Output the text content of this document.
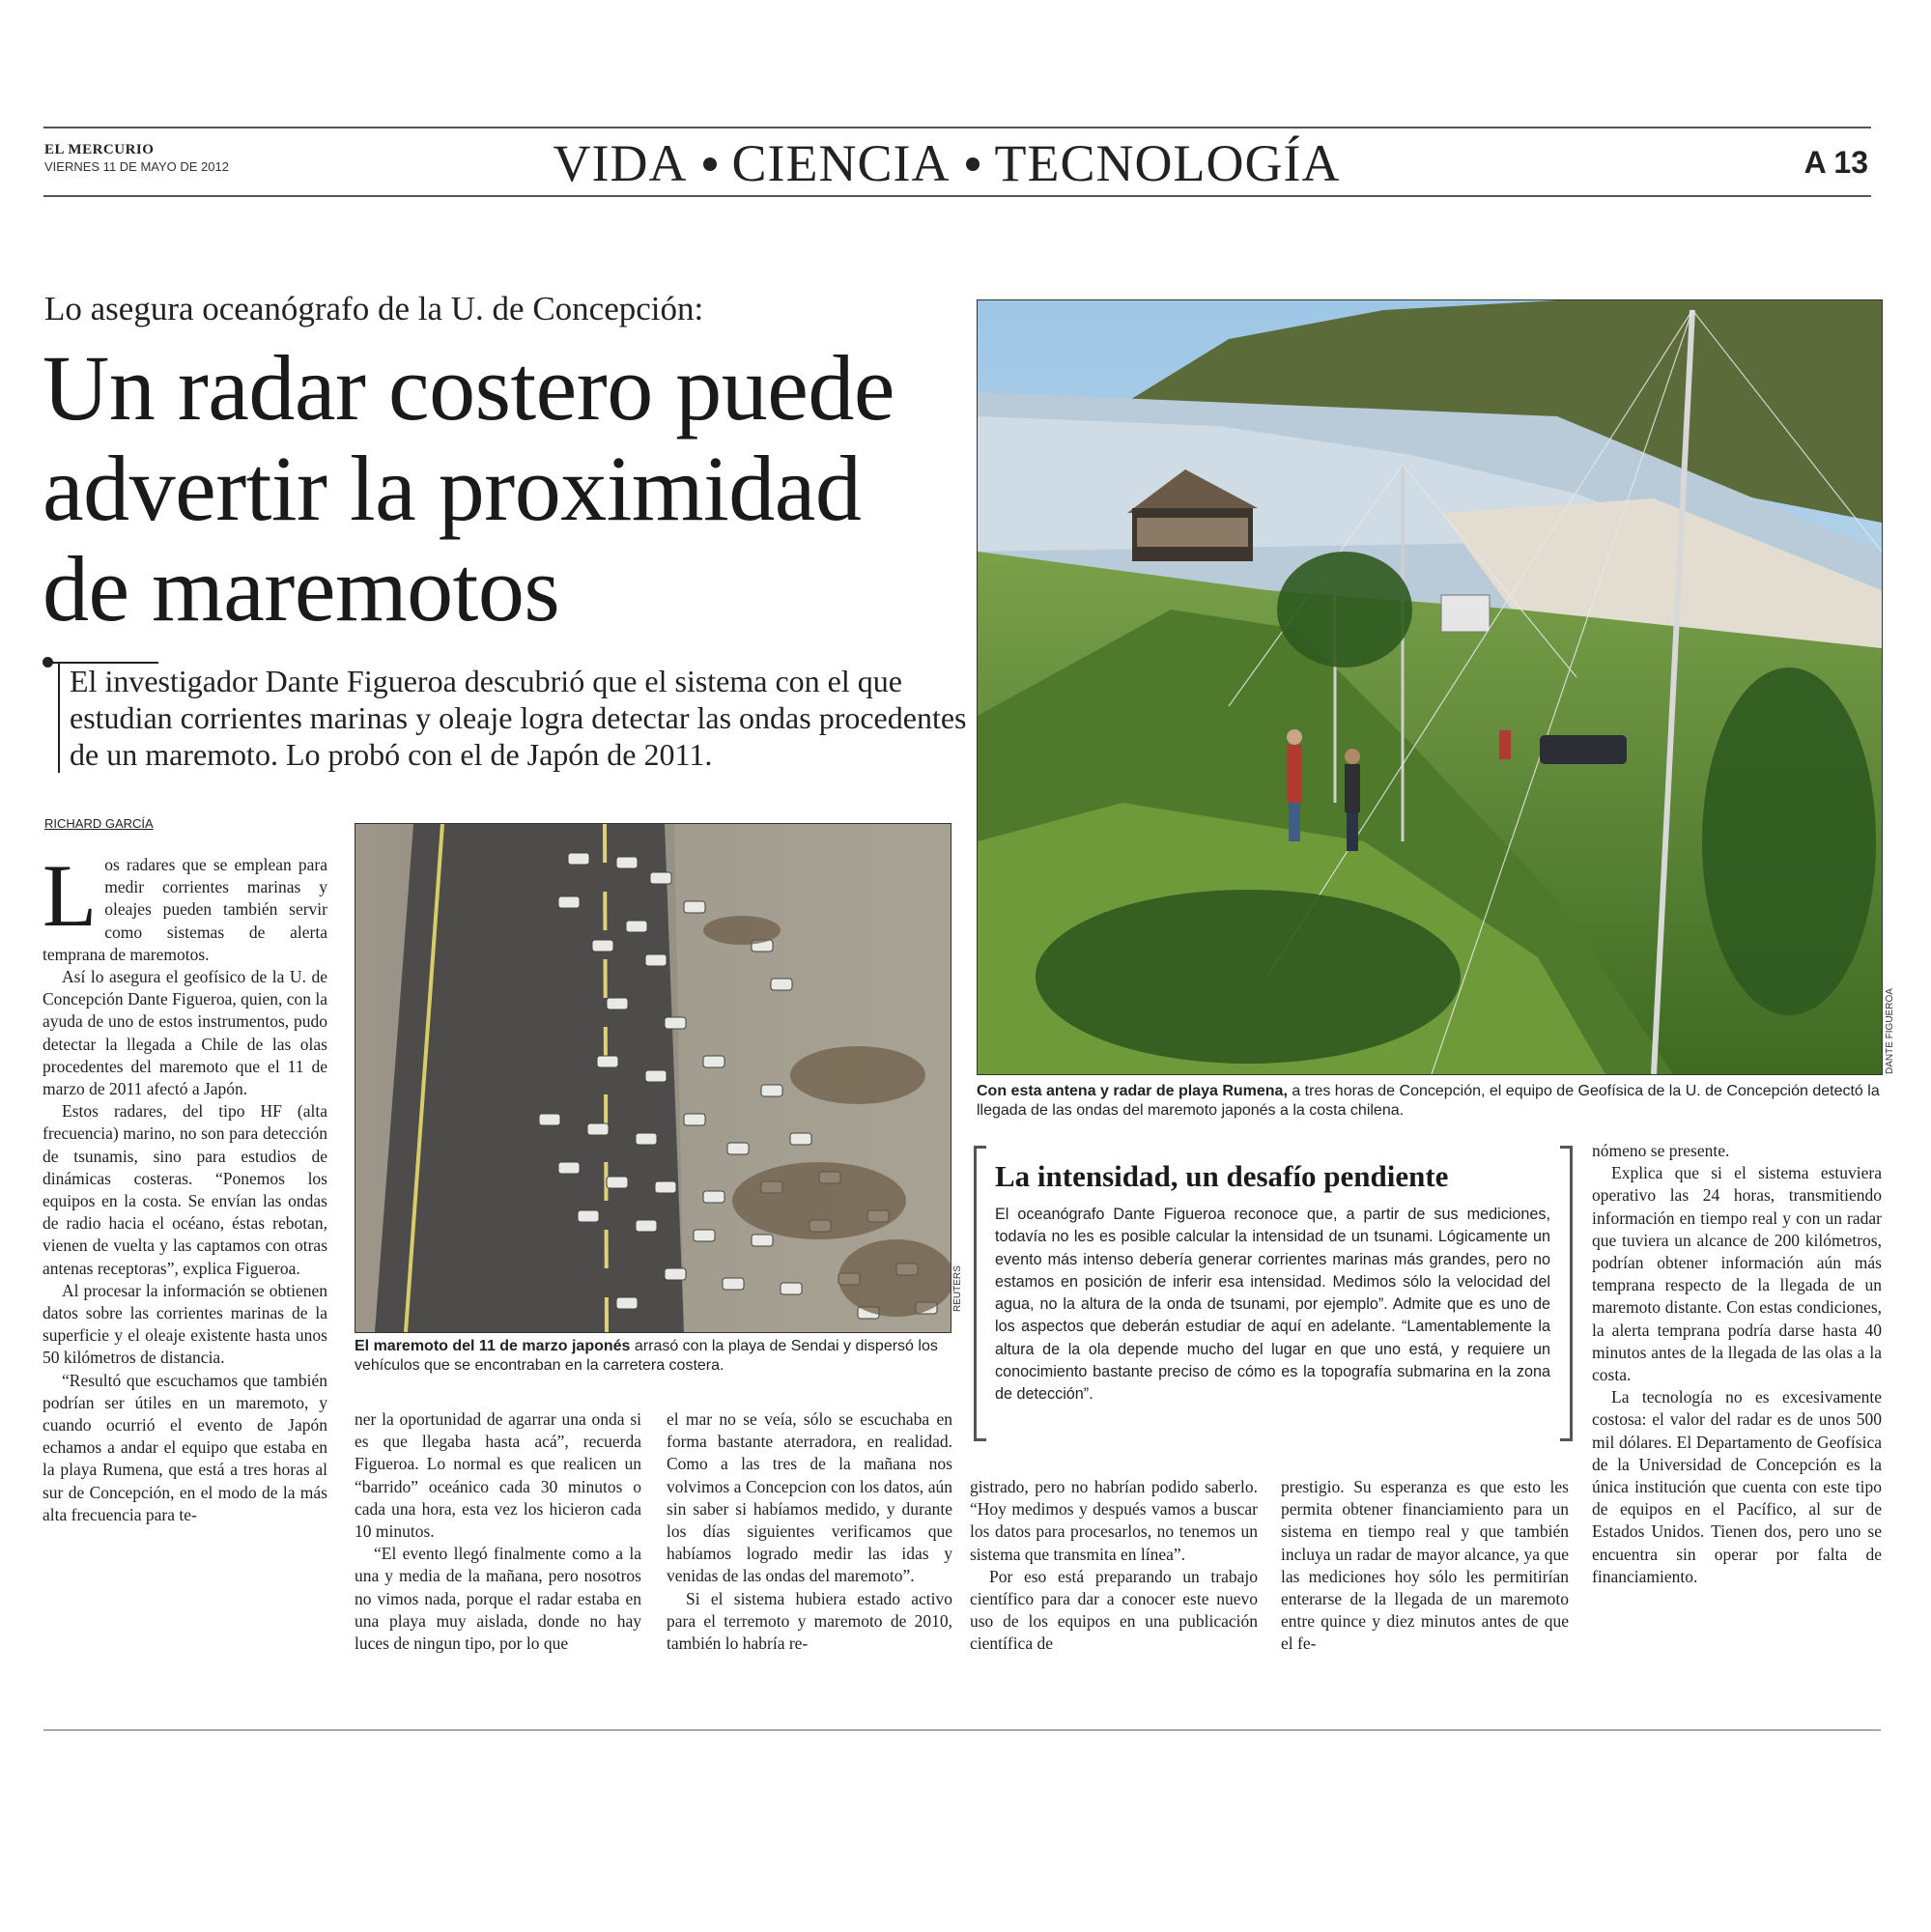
EL MERCURIO
VIERNES 11 DE MAYO DE 2012	VIDA CIENCIA TECNOLOGÍA	A 13
Lo asegura oceanógrafo de la U. de Concepción:
Un radar costero puede advertir la proximidad de maremotos
El investigador Dante Figueroa descubrió que el sistema con el que estudian corrientes marinas y oleaje logra detectar las ondas procedentes de un maremoto. Lo probó con el de Japón de 2011.
RICHARD GARCÍA

Los radares que se emplean para medir corrientes marinas y oleajes pueden también servir como sistemas de alerta temprana de maremotos.

Así lo asegura el geofísico de la U. de Concepción Dante Figueroa, quien, con la ayuda de uno de estos instrumentos, pudo detectar la llegada a Chile de las olas procedentes del maremoto que el 11 de marzo de 2011 afectó a Japón.

Estos radares, del tipo HF (alta frecuencia) marino, no son para detección de tsunamis, sino para estudios de dinámicas costeras. “Ponemos los equipos en la costa. Se envían las ondas de radio hacia el océano, éstas rebotan, vienen de vuelta y las captamos con otras antenas receptoras”, explica Figueroa.

Al procesar la información se obtienen datos sobre las corrientes marinas de la superficie y el oleaje existente hasta unos 50 kilómetros de distancia.

“Resultó que escuchamos que también podrían ser útiles en un maremoto, y cuando ocurrió el evento de Japón echamos a andar el equipo que estaba en la playa Rumena, que está a tres horas al sur de Concepción, en el modo de la más alta frecuencia para te-

REUTERS
El maremoto del 11 de marzo japonés arrasó con la playa de Sendai y dispersó los vehículos que se encontraban en la carretera costera.

ner la oportunidad de agarrar una onda si es que llegaba hasta acá”, recuerda Figueroa. Lo normal es que realicen un “barrido” oceánico cada 30 minutos o cada una hora, esta vez los hicieron cada 10 minutos.

“El evento llegó finalmente como a la una y media de la mañana, pero nosotros no vimos nada, porque el radar estaba en una playa muy aislada, donde no hay luces de ningun tipo, por lo que

el mar no se veía, sólo se escuchaba en forma bastante aterradora, en realidad. Como a las tres de la mañana nos volvimos a Concepcion con los datos, aún sin saber si habíamos medido, y durante los días siguientes verificamos que habíamos logrado medir las idas y venidas de las ondas del maremoto”.

Si el sistema hubiera estado activo para el terremoto y maremoto de 2010, también lo habría re-

DANTE FIGUEROA
Con esta antena y radar de playa Rumena, a tres horas de Concepción, el equipo de Geofísica de la U. de Concepción detectó la llegada de las ondas del maremoto japonés a la costa chilena.
La intensidad, un desafío pendiente
El oceanógrafo Dante Figueroa reconoce que, a partir de sus mediciones, todavía no les es posible calcular la intensidad de un tsunami. Lógicamente un evento más intenso debería generar corrientes marinas más grandes, pero no estamos en posición de inferir esa intensidad. Medimos sólo la velocidad del agua, no la altura de la onda de tsunami, por ejemplo”. Admite que es uno de los aspectos que deberán estudiar de aquí en adelante. “Lamentablemente la altura de la ola depende mucho del lugar en que uno está, y requiere un conocimiento bastante preciso de cómo es la topografía submarina en la zona de detección”.

gistrado, pero no habrían podido saberlo. “Hoy medimos y después vamos a buscar los datos para procesarlos, no tenemos un sistema que transmita en línea”.

Por eso está preparando un trabajo científico para dar a conocer este nuevo uso de los equipos en una publicación científica de

prestigio. Su esperanza es que esto les permita obtener financiamiento para un sistema en tiempo real y que también incluya un radar de mayor alcance, ya que las mediciones hoy sólo les permitirían enterarse de la llegada de un maremoto entre quince y diez minutos antes de que el fe-

nómeno se presente.

Explica que si el sistema estuviera operativo las 24 horas, transmitiendo información en tiempo real y con un radar que tuviera un alcance de 200 kilómetros, podrían obtener información aún más temprana respecto de la llegada de un maremoto distante. Con estas condiciones, la alerta temprana podría darse hasta 40 minutos antes de la llegada de las olas a la costa.

La tecnología no es excesivamente costosa: el valor del radar es de unos 500 mil dólares. El Departamento de Geofísica de la Universidad de Concepción es la única institución que cuenta con este tipo de equipos en el Pacífico, al sur de Estados Unidos. Tienen dos, pero uno se encuentra sin operar por falta de financiamiento.
